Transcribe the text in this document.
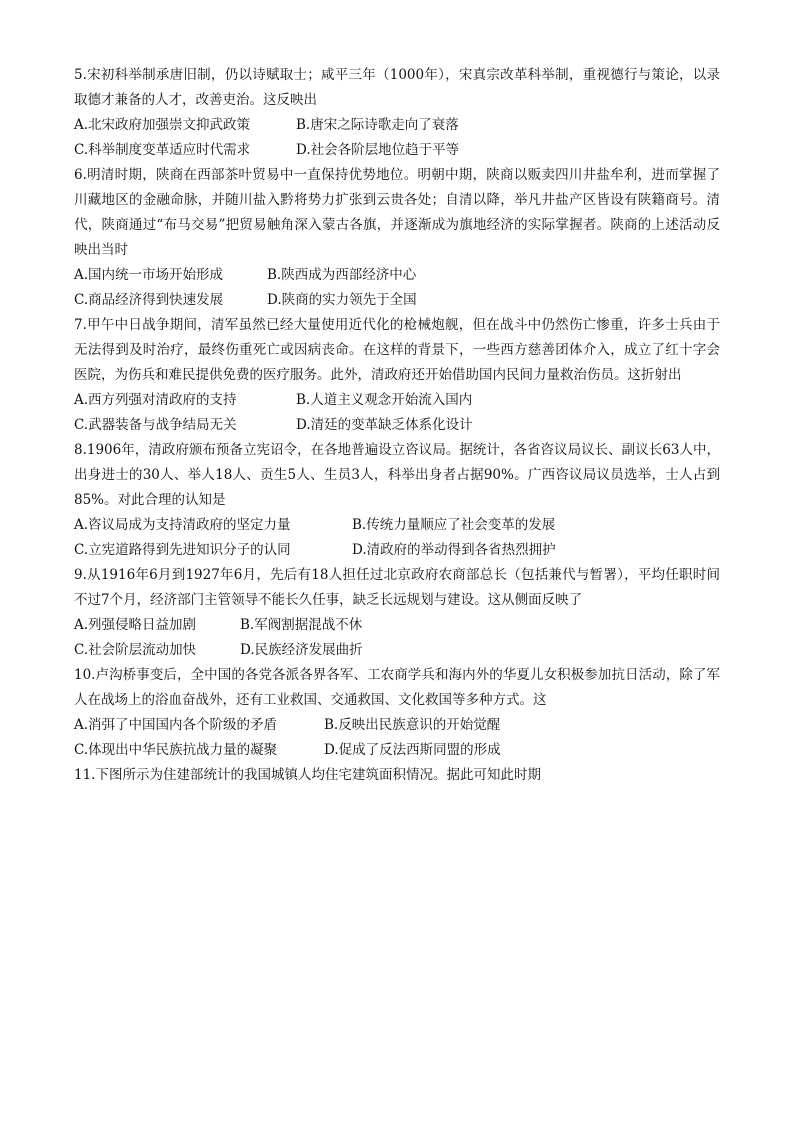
5.宋初科举制承唐旧制，仍以诗赋取士；咸平三年（1000年），宋真宗改革科举制，重视德行与策论，以录取德才兼备的人才，改善吏治。这反映出

A.北宋政府加强崇文抑武政策	B.唐宋之际诗歌走向了衰落
C.科举制度变革适应时代需求	D.社会各阶层地位趋于平等

6.明清时期，陕商在西部茶叶贸易中一直保持优势地位。明朝中期，陕商以贩卖四川井盐牟利，进而掌握了川藏地区的金融命脉，并随川盐入黔将势力扩张到云贵各处；自清以降，举凡井盐产区皆设有陕籍商号。清代，陕商通过“布马交易”把贸易触角深入蒙古各旗，并逐渐成为旗地经济的实际掌握者。陕商的上述活动反映出当时

A.国内统一市场开始形成	B.陕西成为西部经济中心
C.商品经济得到快速发展	D.陕商的实力领先于全国

7.甲午中日战争期间，清军虽然已经大量使用近代化的枪械炮舰，但在战斗中仍然伤亡惨重，许多士兵由于无法得到及时治疗，最终伤重死亡或因病丧命。在这样的背景下，一些西方慈善团体介入，成立了红十字会医院，为伤兵和难民提供免费的医疗服务。此外，清政府还开始借助国内民间力量救治伤员。这折射出

A.西方列强对清政府的支持	B.人道主义观念开始流入国内
C.武器装备与战争结局无关	D.清廷的变革缺乏体系化设计

8.1906年，清政府颁布预备立宪诏令，在各地普遍设立咨议局。据统计，各省咨议局议长、副议长63人中，出身进士的30人、举人18人、贡生5人、生员3人，科举出身者占据90%。广西咨议局议员选举，士人占到85%。对此合理的认知是

A.咨议局成为支持清政府的坚定力量	B.传统力量顺应了社会变革的发展
C.立宪道路得到先进知识分子的认同	D.清政府的举动得到各省热烈拥护

9.从1916年6月到1927年6月，先后有18人担任过北京政府农商部总长（包括兼代与暂署），平均任职时间不过7个月，经济部门主管领导不能长久任事，缺乏长远规划与建设。这从侧面反映了

A.列强侵略日益加剧	B.军阀割据混战不休
C.社会阶层流动加快	D.民族经济发展曲折

10.卢沟桥事变后，全中国的各党各派各界各军、工农商学兵和海内外的华夏儿女积极参加抗日活动，除了军人在战场上的浴血奋战外，还有工业救国、交通救国、文化救国等多种方式。这

A.消弭了中国国内各个阶级的矛盾	B.反映出民族意识的开始觉醒
C.体现出中华民族抗战力量的凝聚	D.促成了反法西斯同盟的形成

11.下图所示为住建部统计的我国城镇人均住宅建筑面积情况。据此可知此时期
